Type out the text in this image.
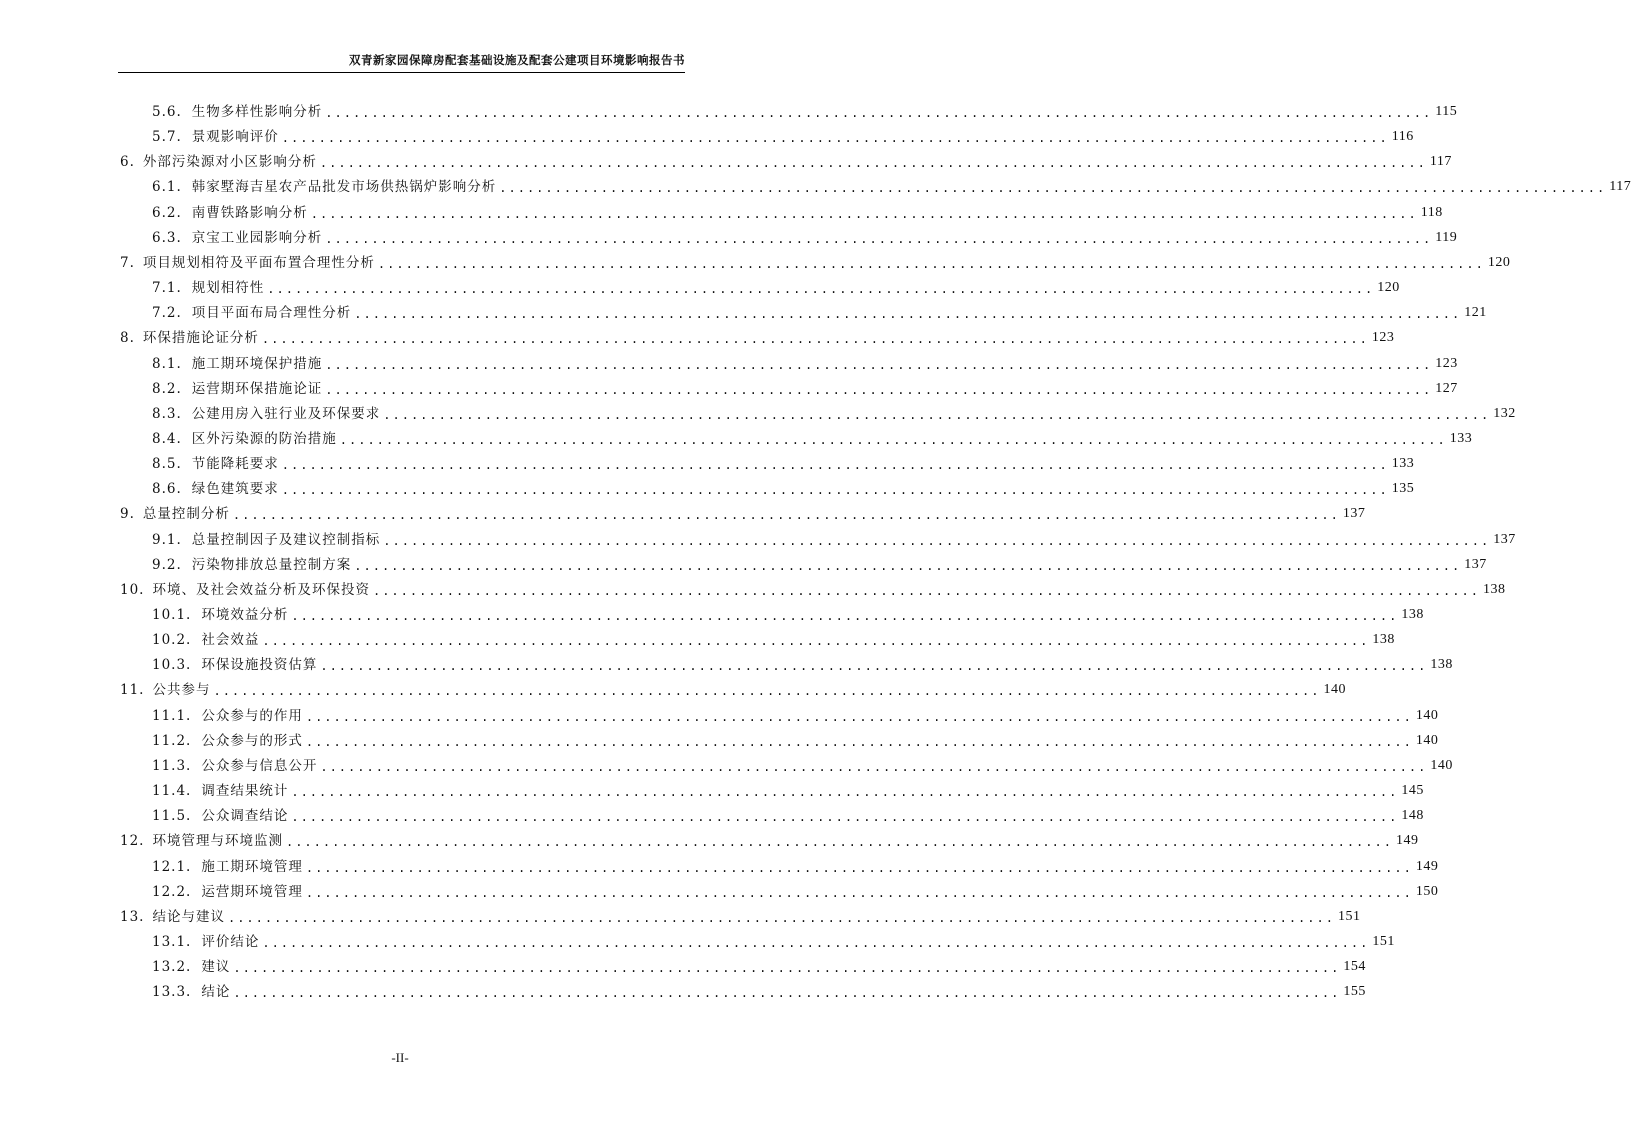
双青新家园保障房配套基础设施及配套公建项目环境影响报告书
5.6. 生物多样性影响分析 ........................................................................................................................ 115
5.7. 景观影响评价 ........................................................................................................................ 116
6. 外部污染源对小区影响分析 ........................................................................................................................ 117
6.1. 韩家墅海吉星农产品批发市场供热锅炉影响分析 ........................................................................................................................ 117
6.2. 南曹铁路影响分析 ........................................................................................................................ 118
6.3. 京宝工业园影响分析 ........................................................................................................................ 119
7. 项目规划相符及平面布置合理性分析 ........................................................................................................................ 120
7.1. 规划相符性 ........................................................................................................................ 120
7.2. 项目平面布局合理性分析 ........................................................................................................................ 121
8. 环保措施论证分析 ........................................................................................................................ 123
8.1. 施工期环境保护措施 ........................................................................................................................ 123
8.2. 运营期环保措施论证 ........................................................................................................................ 127
8.3. 公建用房入驻行业及环保要求 ........................................................................................................................ 132
8.4. 区外污染源的防治措施 ........................................................................................................................ 133
8.5. 节能降耗要求 ........................................................................................................................ 133
8.6. 绿色建筑要求 ........................................................................................................................ 135
9. 总量控制分析 ........................................................................................................................ 137
9.1. 总量控制因子及建议控制指标 ........................................................................................................................ 137
9.2. 污染物排放总量控制方案 ........................................................................................................................ 137
10. 环境、及社会效益分析及环保投资 ........................................................................................................................ 138
10.1. 环境效益分析 ........................................................................................................................ 138
10.2. 社会效益 ........................................................................................................................ 138
10.3. 环保设施投资估算 ........................................................................................................................ 138
11. 公共参与 ........................................................................................................................ 140
11.1. 公众参与的作用 ........................................................................................................................ 140
11.2. 公众参与的形式 ........................................................................................................................ 140
11.3. 公众参与信息公开 ........................................................................................................................ 140
11.4. 调查结果统计 ........................................................................................................................ 145
11.5. 公众调查结论 ........................................................................................................................ 148
12. 环境管理与环境监测 ........................................................................................................................ 149
12.1. 施工期环境管理 ........................................................................................................................ 149
12.2. 运营期环境管理 ........................................................................................................................ 150
13. 结论与建议 ........................................................................................................................ 151
13.1. 评价结论 ........................................................................................................................ 151
13.2. 建议 ........................................................................................................................ 154
13.3. 结论 ........................................................................................................................ 155
-II-
